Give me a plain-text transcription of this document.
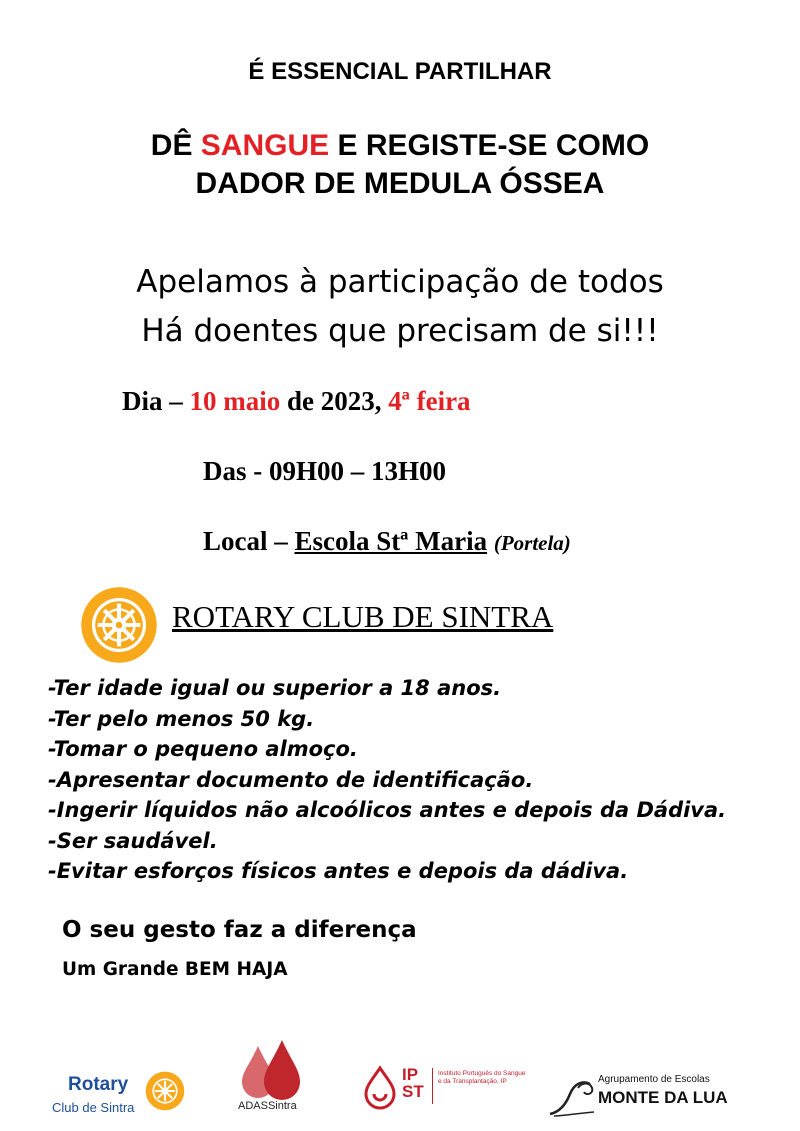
É ESSENCIAL PARTILHAR
DÊ SANGUE E REGISTE-SE COMO
DADOR DE MEDULA ÓSSEA
Apelamos à participação de todos
Há doentes que precisam de si!!!
Dia – 10 maio de 2023, 4ª feira
Das - 09H00 – 13H00
Local – Escola Stª Maria (Portela)
ROTARY CLUB DE SINTRA
-Ter idade igual ou superior a 18 anos.
-Ter pelo menos 50 kg.
-Tomar o pequeno almoço.
-Apresentar documento de identificação.
-Ingerir líquidos não alcoólicos antes e depois da Dádiva.
-Ser saudável.
-Evitar esforços físicos antes e depois da dádiva.
O seu gesto faz a diferença
Um Grande BEM HAJA
Rotary
Club de Sintra	ADASSintra
IP
ST
Instituto Português do Sangue e da Transplantação, IP	Agrupamento de Escolas
MONTE DA LUA
